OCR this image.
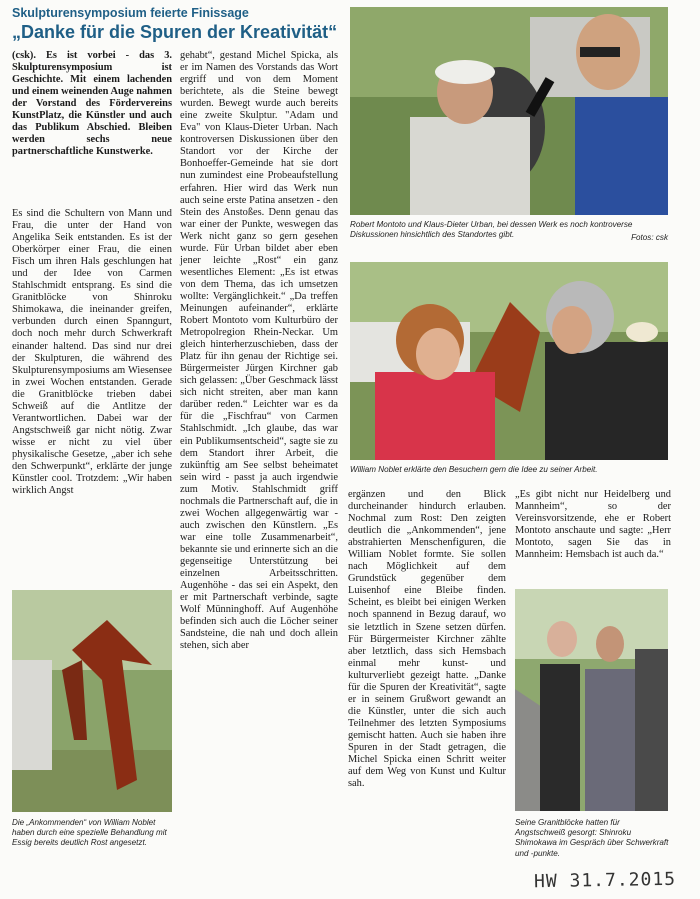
Skulpturensymposium feierte Finissage
„Danke für die Spuren der Kreativität“
(csk). Es ist vorbei - das 3. Skulpturensymposium ist Geschichte. Mit einem lachenden und einem weinenden Auge nahmen der Vorstand des Fördervereins KunstPlatz, die Künstler und auch das Publikum Abschied. Bleiben werden sechs neue partnerschaftliche Kunstwerke.
Es sind die Schultern von Mann und Frau, die unter der Hand von Angelika Seik entstanden. Es ist der Oberkörper einer Frau, die einen Fisch um ihren Hals geschlungen hat und der Idee von Carmen Stahlschmidt entsprang. Es sind die Granitblöcke von Shinroku Shimokawa, die ineinander greifen, verbunden durch einen Spanngurt, doch noch mehr durch Schwerkraft einander haltend. Das sind nur drei der Skulpturen, die während des Skulpturensymposiums am Wiesensee in zwei Wochen entstanden. Gerade die Granitblöcke trieben dabei Schweiß auf die Antlitze der Verantwortlichen. Dabei war der Angstschweiß gar nicht nötig. Zwar wisse er nicht zu viel über physikalische Gesetze, „aber ich sehe den Schwerpunkt“, erklärte der junge Künstler cool. Trotzdem: „Wir haben wirklich Angst
gehabt“, gestand Michel Spicka, als er im Namen des Vorstands das Wort ergriff und von dem Moment berichtete, als die Steine bewegt wurden. Bewegt wurde auch bereits eine zweite Skulptur. "Adam und Eva" von Klaus-Dieter Urban. Nach kontroversen Diskussionen über den Standort vor der Kirche der Bonhoeffer-Gemeinde hat sie dort nun zumindest eine Probeaufstellung erfahren. Hier wird das Werk nun auch seine erste Patina ansetzen - den Stein des Anstoßes. Denn genau das war einer der Punkte, weswegen das Werk nicht ganz so gern gesehen wurde. Für Urban bildet aber eben jener leichte „Rost“ ein ganz wesentliches Element: „Es ist etwas von dem Thema, das ich umsetzen wollte: Vergänglichkeit.“ „Da treffen Meinungen aufeinander“, erklärte Robert Montoto vom Kulturbüro der Metropolregion Rhein-Neckar. Um gleich hinterherzuschieben, dass der Platz für ihn genau der Richtige sei. Bürgermeister Jürgen Kirchner gab sich gelassen: „Über Geschmack lässt sich nicht streiten, aber man kann darüber reden.“ Leichter war es da für die „Fischfrau“ von Carmen Stahlschmidt. „Ich glaube, das war ein Publikumsentscheid“, sagte sie zu dem Standort ihrer Arbeit, die zukünftig am See selbst beheimatet sein wird - passt ja auch irgendwie zum Motiv. Stahlschmidt griff nochmals die Partnerschaft auf, die in zwei Wochen allgegenwärtig war - auch zwischen den Künstlern. „Es war eine tolle Zusammenarbeit“, bekannte sie und erinnerte sich an die gegenseitige Unterstützung bei einzelnen Arbeitsschritten. Augenhöhe - das sei ein Aspekt, den er mit Partnerschaft verbinde, sagte Wolf Münninghoff. Auf Augenhöhe befinden sich auch die Löcher seiner Sandsteine, die nah und doch allein stehen, sich aber
ergänzen und den Blick durcheinander hindurch erlauben. Nochmal zum Rost: Den zeigten deutlich die „Ankommenden“, jene abstrahierten Menschenfiguren, die William Noblet formte. Sie sollen nach Möglichkeit auf dem Grundstück gegenüber dem Luisenhof eine Bleibe finden. Scheint, es bleibt bei einigen Werken noch spannend in Bezug darauf, wo sie letztlich in Szene setzen dürfen. Für Bürgermeister Kirchner zählte aber letztlich, dass sich Hemsbach einmal mehr kunst- und kulturverliebt gezeigt hatte. „Danke für die Spuren der Kreativität“, sagte er in seinem Grußwort gewandt an die Künstler, unter die sich auch Teilnehmer des letzten Symposiums gemischt hatten. Auch sie haben ihre Spuren in der Stadt getragen, die Michel Spicka einen Schritt weiter auf dem Weg von Kunst und Kultur sah.
„Es gibt nicht nur Heidelberg und Mannheim“, so der Vereinsvorsitzende, ehe er Robert Montoto anschaute und sagte: „Herr Montoto, sagen Sie das in Mannheim: Hemsbach ist auch da.“
Robert Montoto und Klaus-Dieter Urban, bei dessen Werk es noch kontroverse Diskussionen hinsichtlich des Standortes gibt.	Fotos: csk
William Noblet erklärte den Besuchern gern die Idee zu seiner Arbeit.
Die „Ankommenden“ von William Noblet haben durch eine spezielle Behandlung mit Essig bereits deutlich Rost angesetzt.
Seine Granitblöcke hatten für Angstschweiß gesorgt: Shinroku Shimokawa im Gespräch über Schwerkraft und -punkte.
HW 31.7.2015
